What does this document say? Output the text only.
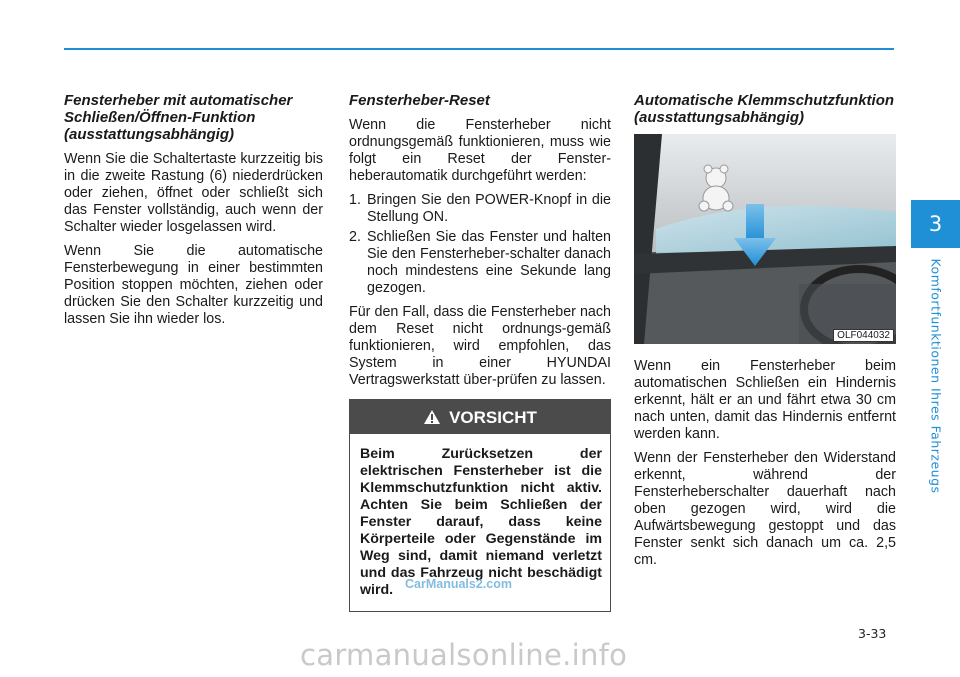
Fensterheber mit automatischer Schließen/Öffnen-Funktion (ausstattungsabhängig)

Wenn Sie die Schaltertaste kurzzeitig bis in die zweite Rastung (6) niederdrücken oder ziehen, öffnet oder schließt sich das Fenster vollständig, auch wenn der Schalter wieder losgelassen wird.

Wenn Sie die automatische Fensterbewegung in einer bestimmten Position stoppen möchten, ziehen oder drücken Sie den Schalter kurzzeitig und lassen Sie ihn wieder los.

Fensterheber-Reset

Wenn die Fensterheber nicht ordnungsgemäß funktionieren, muss wie folgt ein Reset der Fenster-heberautomatik durchgeführt werden:

1. Bringen Sie den POWER-Knopf in die Stellung ON.
2. Schließen Sie das Fenster und halten Sie den Fensterheber-schalter danach noch mindestens eine Sekunde lang gezogen.

Für den Fall, dass die Fensterheber nach dem Reset nicht ordnungs-gemäß funktionieren, wird empfohlen, das System in einer HYUNDAI Vertragswerkstatt über-prüfen zu lassen.

VORSICHT
Beim Zurücksetzen der elektrischen Fensterheber ist die Klemmschutzfunktion nicht aktiv. Achten Sie beim Schließen der Fenster darauf, dass keine Körperteile oder Gegenstände im Weg sind, damit niemand verletzt und das Fahrzeug nicht beschädigt wird.
Automatische Klemmschutzfunktion (ausstattungsabhängig)
OLF044032

Wenn ein Fensterheber beim automatischen Schließen ein Hindernis erkennt, hält er an und fährt etwa 30 cm nach unten, damit das Hindernis entfernt werden kann.

Wenn der Fensterheber den Widerstand erkennt, während der Fensterheberschalter dauerhaft nach oben gezogen wird, wird die Aufwärtsbewegung gestoppt und das Fenster senkt sich danach um ca. 2,5 cm.

3
Komfortfunktionen Ihres Fahrzeugs
3-33
CarManuals2.com
carmanualsonline.info
